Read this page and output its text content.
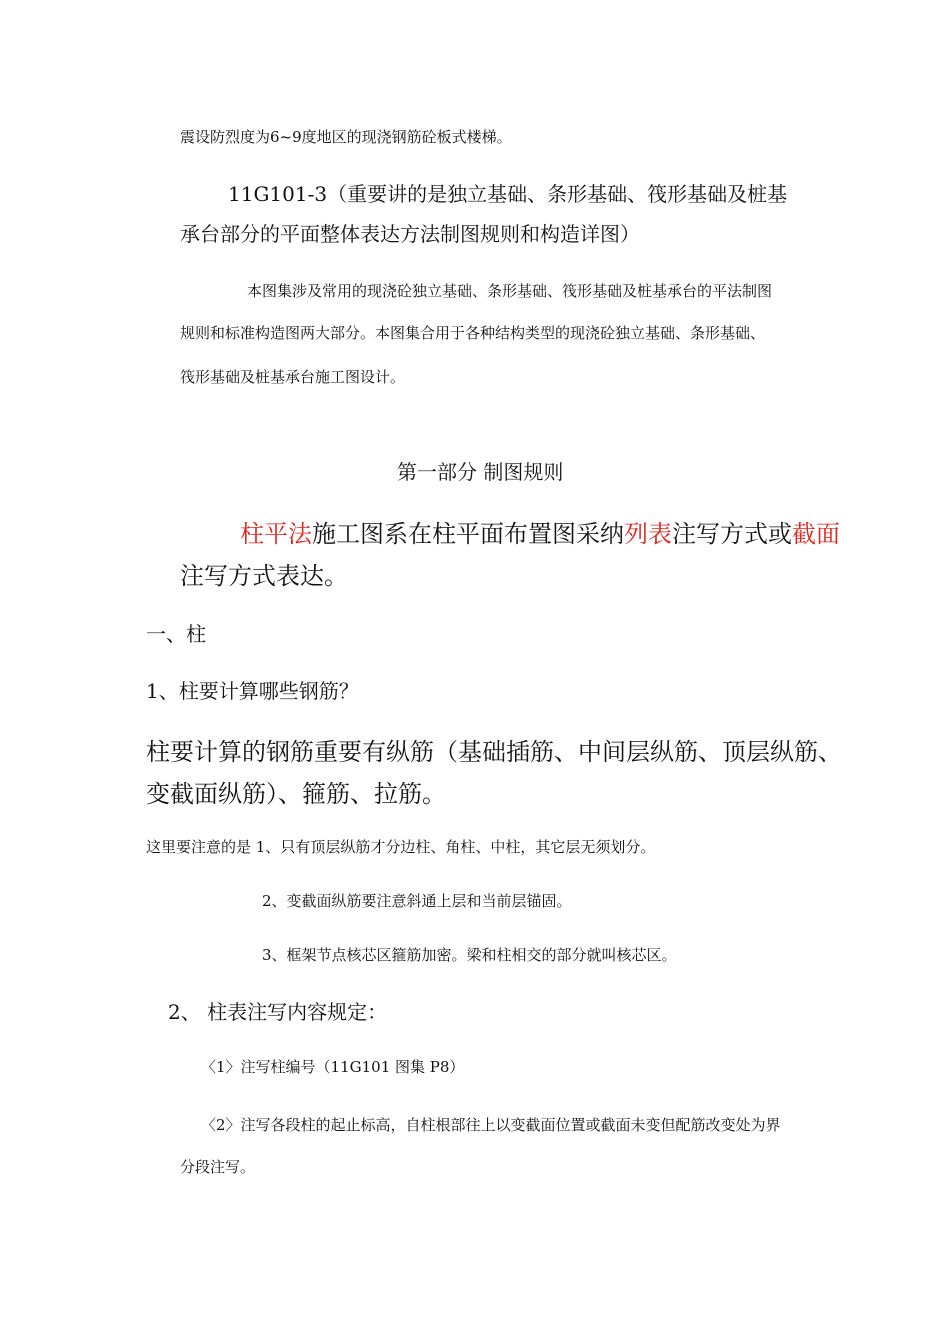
震设防烈度为6~9度地区的现浇钢筋砼板式楼梯。

11G101-3（重要讲的是独立基础、条形基础、筏形基础及桩基

承台部分的平面整体表达方法制图规则和构造详图）

本图集涉及常用的现浇砼独立基础、条形基础、筏形基础及桩基承台的平法制图

规则和标准构造图两大部分。本图集合用于各种结构类型的现浇砼独立基础、条形基础、

筏形基础及桩基承台施工图设计。

第一部分 制图规则

柱平法施工图系在柱平面布置图采纳列表注写方式或截面

注写方式表达。

一、柱

1、柱要计算哪些钢筋？

柱要计算的钢筋重要有纵筋（基础插筋、中间层纵筋、顶层纵筋、

变截面纵筋）、箍筋、拉筋。

这里要注意的是 1、只有顶层纵筋才分边柱、角柱、中柱，其它层无须划分。

2、变截面纵筋要注意斜通上层和当前层锚固。

3、框架节点核芯区箍筋加密。梁和柱相交的部分就叫核芯区。

2、 柱表注写内容规定：

〈1〉注写柱编号（11G101 图集 P8）

〈2〉注写各段柱的起止标高，自柱根部往上以变截面位置或截面未变但配筋改变处为界

分段注写。
